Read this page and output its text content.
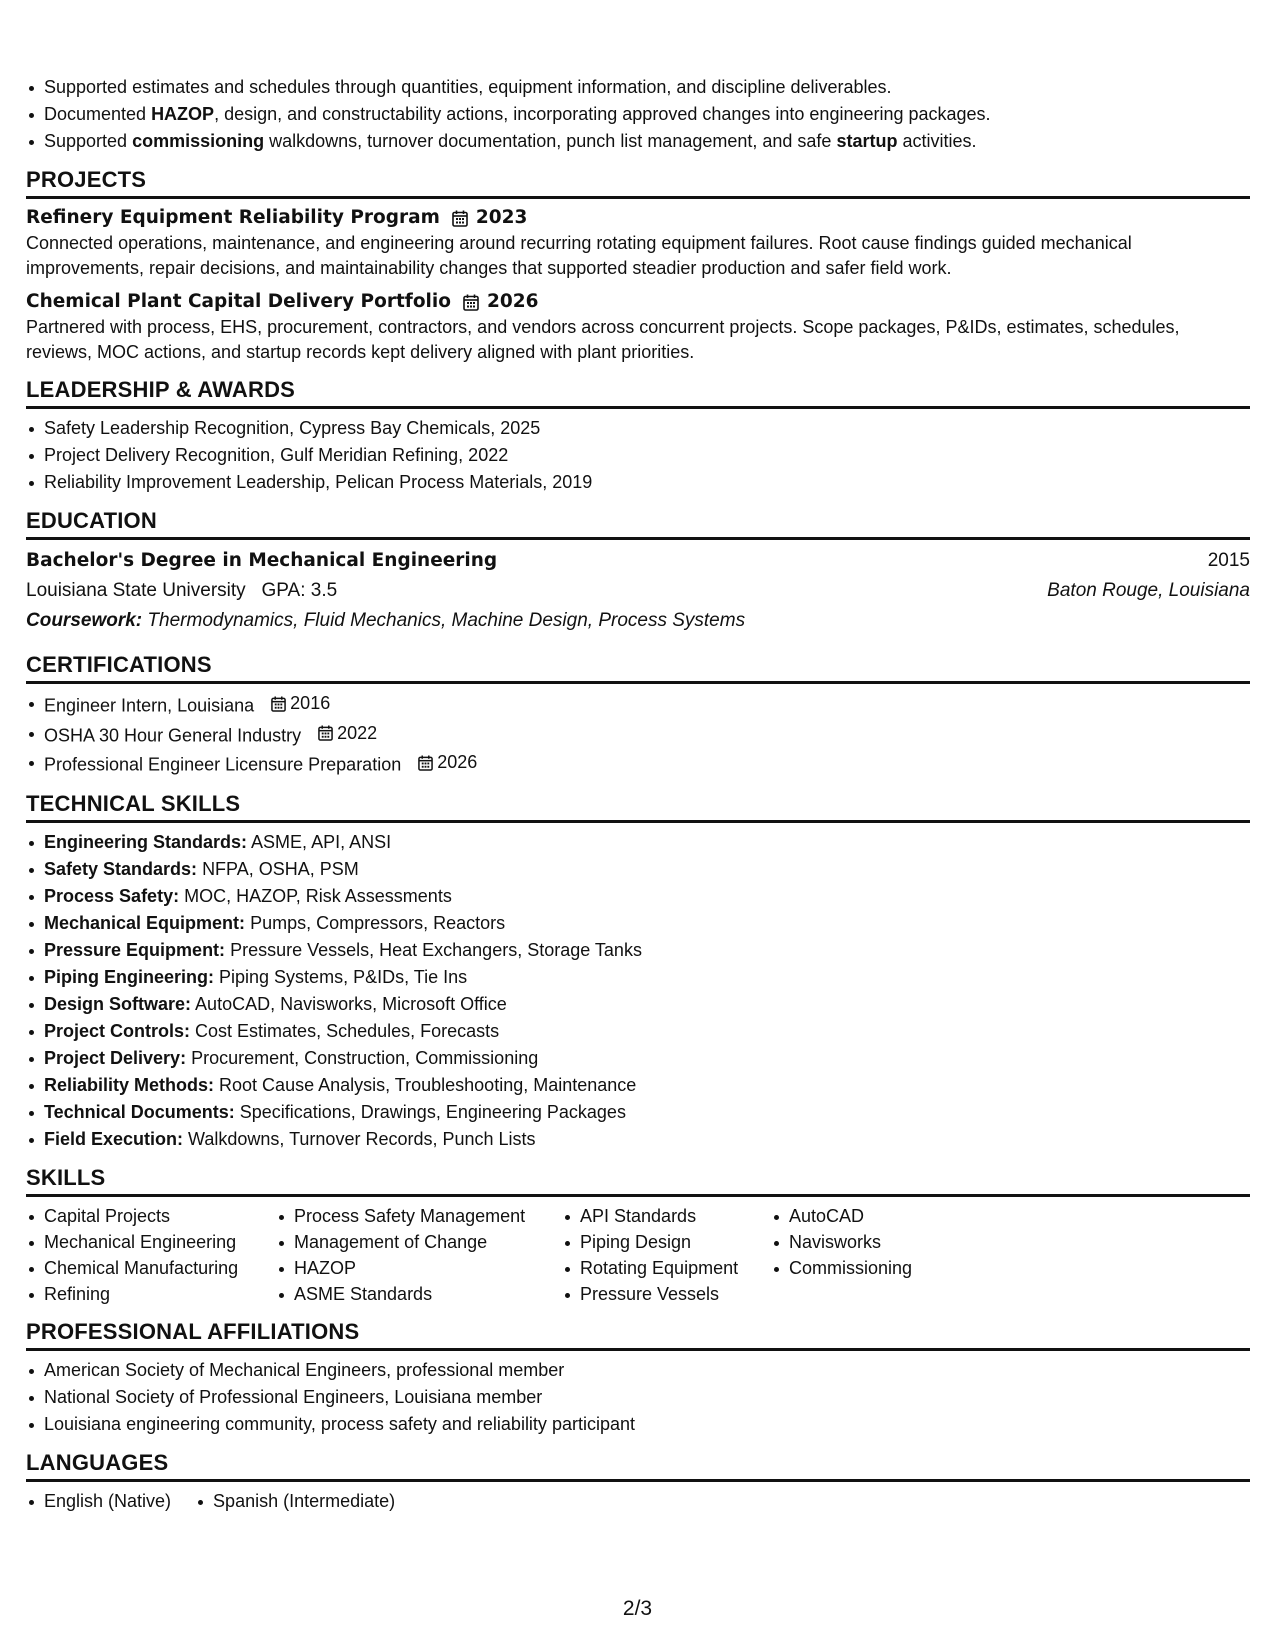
Supported estimates and schedules through quantities, equipment information, and discipline deliverables.
Documented HAZOP, design, and constructability actions, incorporating approved changes into engineering packages.
Supported commissioning walkdowns, turnover documentation, punch list management, and safe startup activities.
PROJECTS
Refinery Equipment Reliability Program 2023
Connected operations, maintenance, and engineering around recurring rotating equipment failures. Root cause findings guided mechanical improvements, repair decisions, and maintainability changes that supported steadier production and safer field work.
Chemical Plant Capital Delivery Portfolio 2026
Partnered with process, EHS, procurement, contractors, and vendors across concurrent projects. Scope packages, P&IDs, estimates, schedules, reviews, MOC actions, and startup records kept delivery aligned with plant priorities.
LEADERSHIP & AWARDS
Safety Leadership Recognition, Cypress Bay Chemicals, 2025
Project Delivery Recognition, Gulf Meridian Refining, 2022
Reliability Improvement Leadership, Pelican Process Materials, 2019
EDUCATION
Bachelor's Degree in Mechanical Engineering	2015
Louisiana State University GPA: 3.5	Baton Rouge, Louisiana
Coursework: Thermodynamics, Fluid Mechanics, Machine Design, Process Systems
CERTIFICATIONS
Engineer Intern, Louisiana 2016
OSHA 30 Hour General Industry 2022
Professional Engineer Licensure Preparation 2026
TECHNICAL SKILLS
Engineering Standards: ASME, API, ANSI
Safety Standards: NFPA, OSHA, PSM
Process Safety: MOC, HAZOP, Risk Assessments
Mechanical Equipment: Pumps, Compressors, Reactors
Pressure Equipment: Pressure Vessels, Heat Exchangers, Storage Tanks
Piping Engineering: Piping Systems, P&IDs, Tie Ins
Design Software: AutoCAD, Navisworks, Microsoft Office
Project Controls: Cost Estimates, Schedules, Forecasts
Project Delivery: Procurement, Construction, Commissioning
Reliability Methods: Root Cause Analysis, Troubleshooting, Maintenance
Technical Documents: Specifications, Drawings, Engineering Packages
Field Execution: Walkdowns, Turnover Records, Punch Lists
SKILLS
Capital Projects
Mechanical Engineering
Chemical Manufacturing
Refining
Process Safety Management
Management of Change
HAZOP
ASME Standards
API Standards
Piping Design
Rotating Equipment
Pressure Vessels
AutoCAD
Navisworks
Commissioning
PROFESSIONAL AFFILIATIONS
American Society of Mechanical Engineers, professional member
National Society of Professional Engineers, Louisiana member
Louisiana engineering community, process safety and reliability participant
LANGUAGES
English (Native)	Spanish (Intermediate)
2/3
